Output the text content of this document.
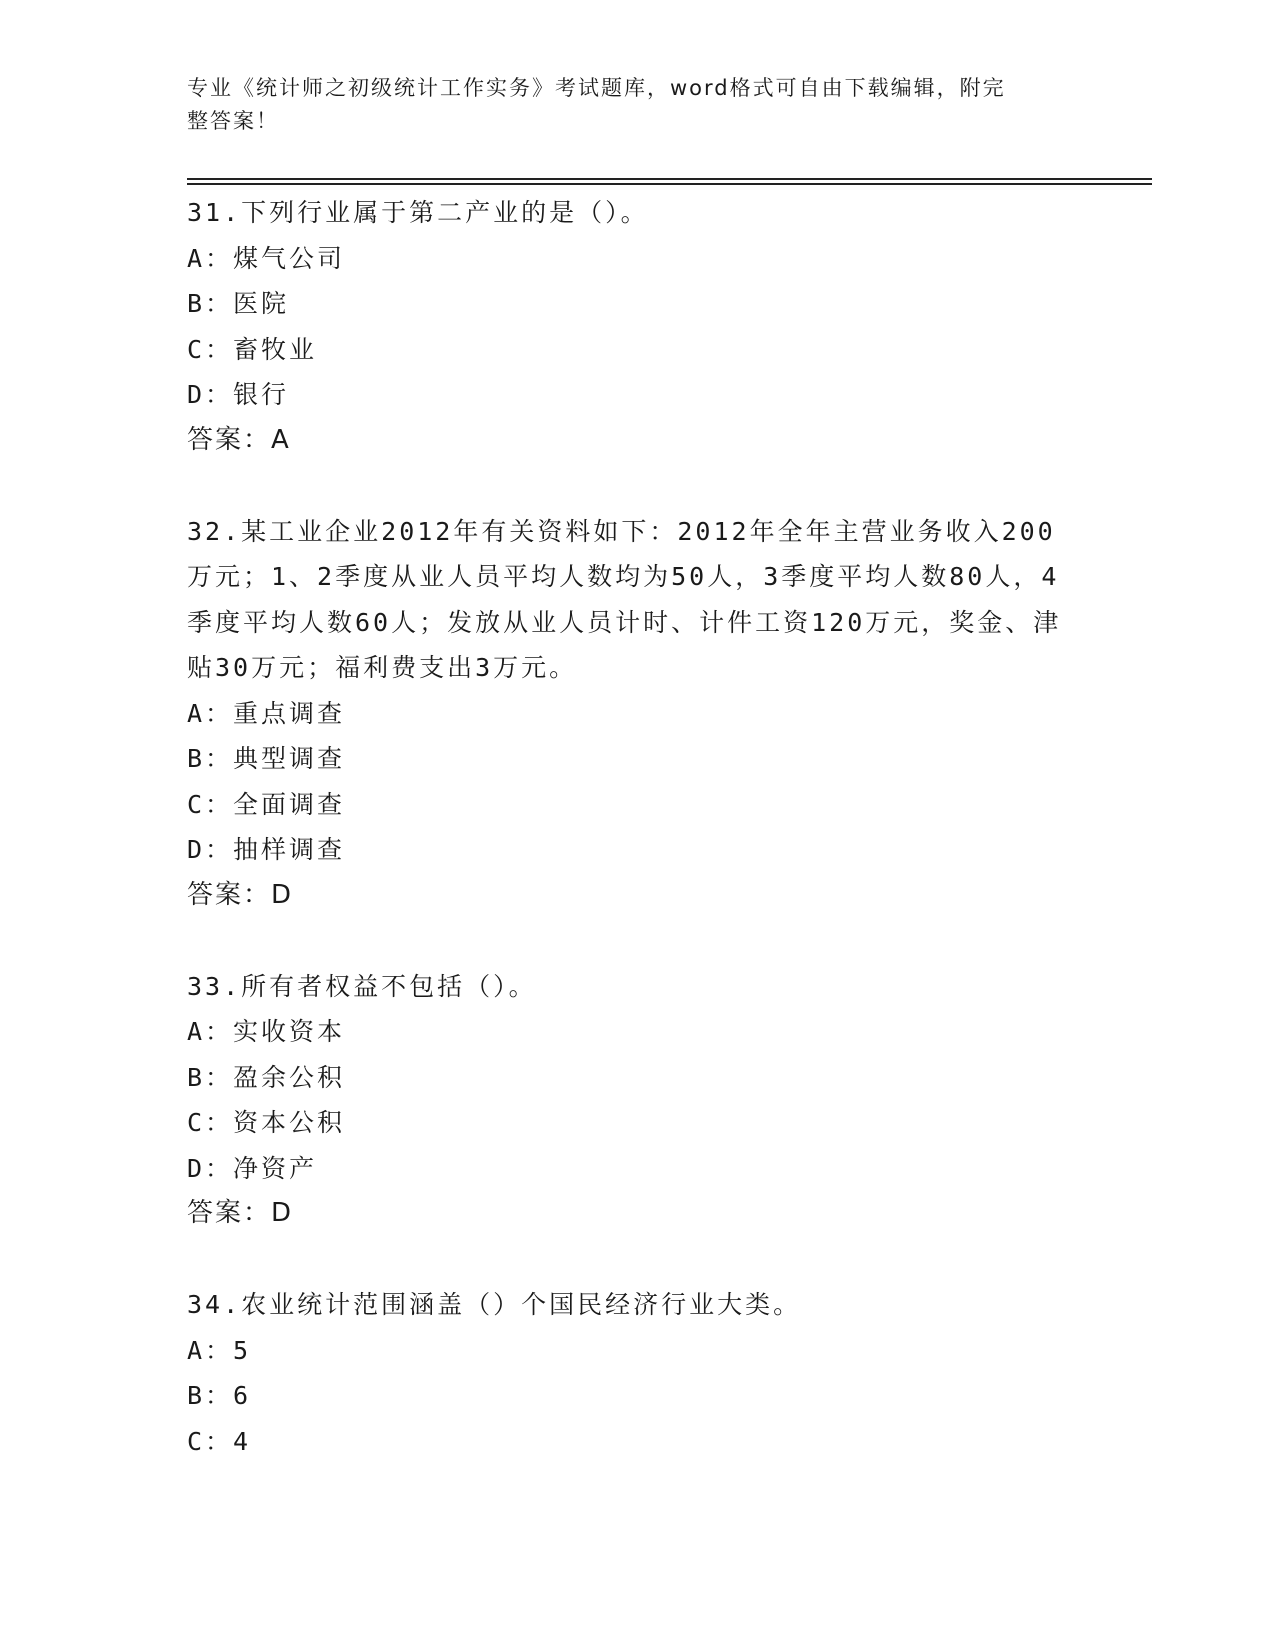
专业《统计师之初级统计工作实务》考试题库，word格式可自由下载编辑，附完
整答案！
31.下列行业属于第二产业的是（）。
A：煤气公司
B：医院
C：畜牧业
D：银行
答案：A
32.某工业企业2012年有关资料如下：2012年全年主营业务收入200万元；1、2季度从业人员平均人数均为50人，3季度平均人数80人，4季度平均人数60人；发放从业人员计时、计件工资120万元，奖金、津贴30万元；福利费支出3万元。
A：重点调查
B：典型调查
C：全面调查
D：抽样调查
答案：D
33.所有者权益不包括（）。
A：实收资本
B：盈余公积
C：资本公积
D：净资产
答案：D
34.农业统计范围涵盖（）个国民经济行业大类。
A：5
B：6
C：4
